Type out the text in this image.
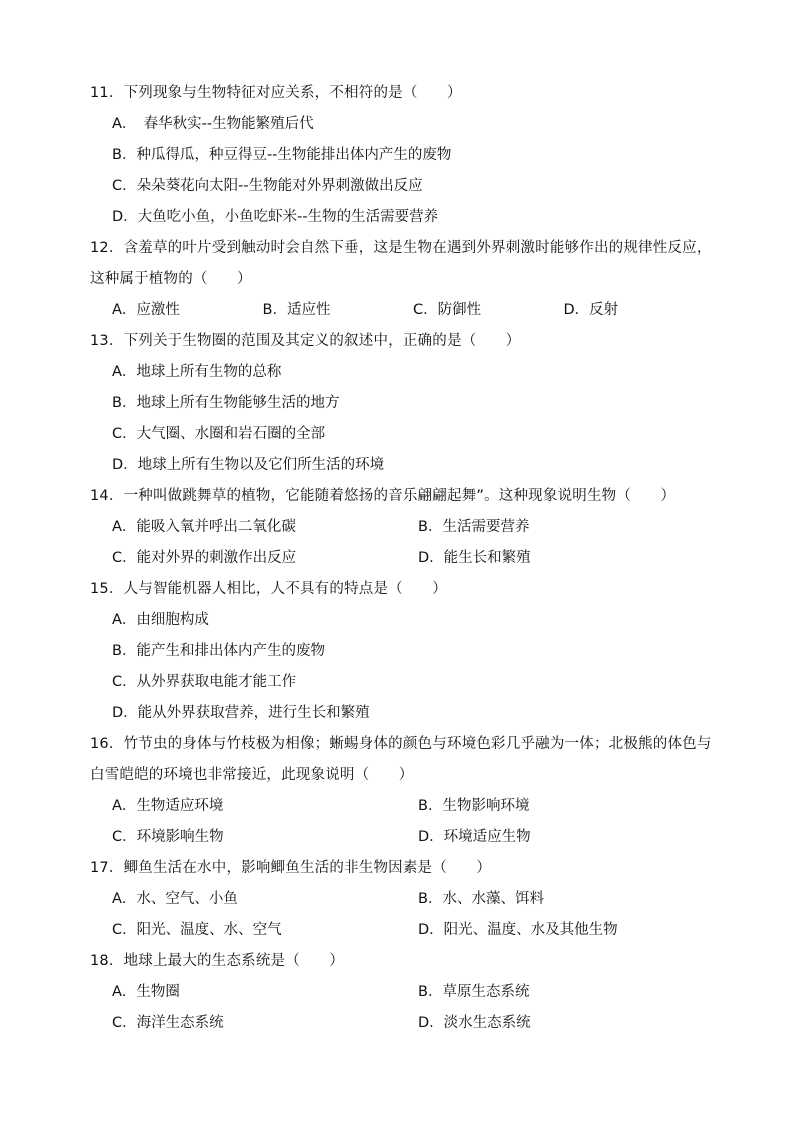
11．下列现象与生物特征对应关系，不相符的是（　　）
A．　春华秋实--生物能繁殖后代
B．种瓜得瓜，种豆得豆--生物能排出体内产生的废物
C．朵朵葵花向太阳--生物能对外界刺激做出反应
D．大鱼吃小鱼，小鱼吃虾米--生物的生活需要营养
12．含羞草的叶片受到触动时会自然下垂，这是生物在遇到外界刺激时能够作出的规律性反应，这种属于植物的（　　）
A．应激性	B．适应性	C．防御性	D．反射
13．下列关于生物圈的范围及其定义的叙述中，正确的是（　　）
A．地球上所有生物的总称
B．地球上所有生物能够生活的地方
C．大气圈、水圈和岩石圈的全部
D．地球上所有生物以及它们所生活的环境
14．一种叫做跳舞草的植物，它能随着悠扬的音乐翩翩起舞”。这种现象说明生物（　　）
A．能吸入氧并呼出二氧化碳	B．生活需要营养
C．能对外界的刺激作出反应	D．能生长和繁殖
15．人与智能机器人相比，人不具有的特点是（　　）
A．由细胞构成
B．能产生和排出体内产生的废物
C．从外界获取电能才能工作
D．能从外界获取营养，进行生长和繁殖
16．竹节虫的身体与竹枝极为相像；蜥蜴身体的颜色与环境色彩几乎融为一体；北极熊的体色与白雪皑皑的环境也非常接近，此现象说明（　　）
A．生物适应环境	B．生物影响环境
C．环境影响生物	D．环境适应生物
17．鲫鱼生活在水中，影响鲫鱼生活的非生物因素是（　　）
A．水、空气、小鱼	B．水、水藻、饵料
C．阳光、温度、水、空气	D．阳光、温度、水及其他生物
18．地球上最大的生态系统是（　　）
A．生物圈	B．草原生态系统
C．海洋生态系统	D．淡水生态系统
